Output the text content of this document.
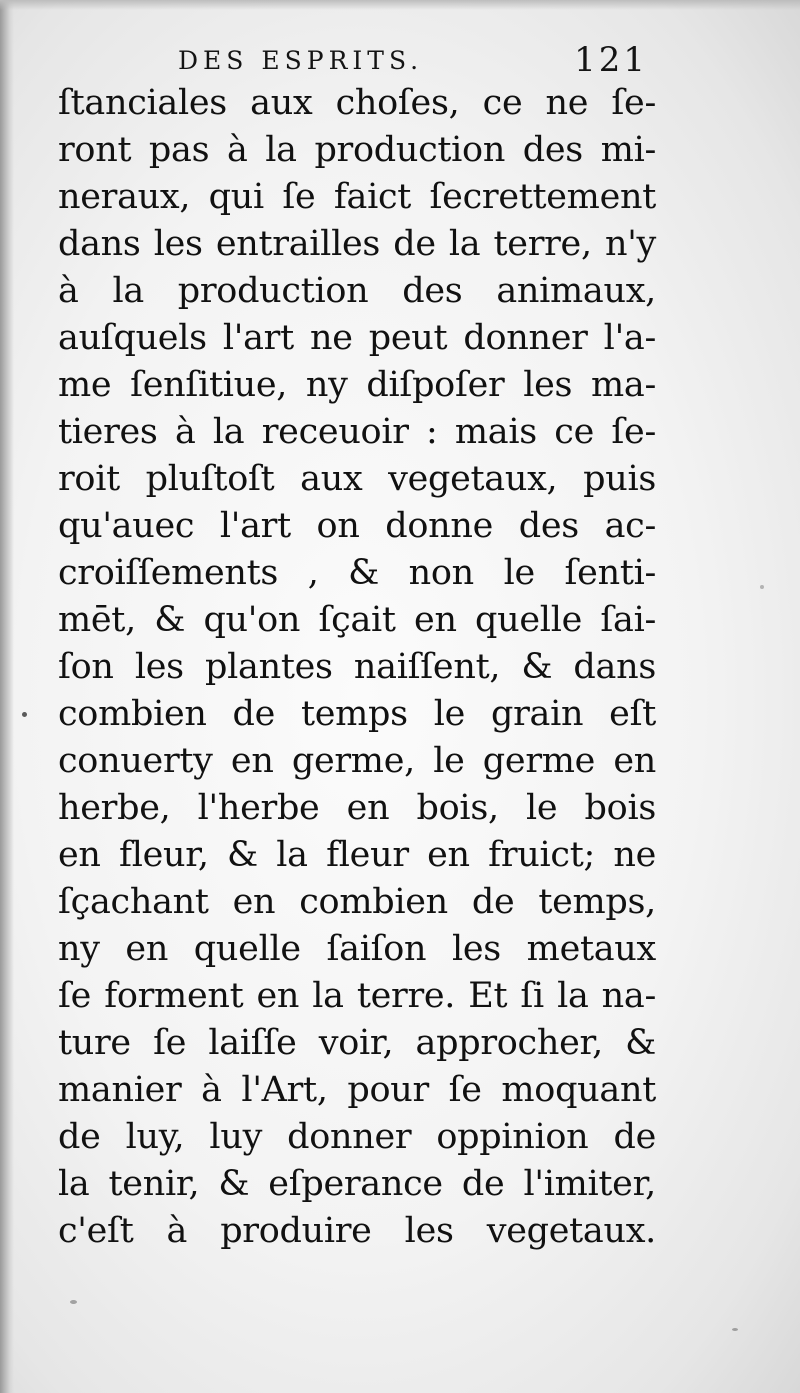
DES ESPRITS.	121
ſtanciales aux choſes, ce ne ſe-
ront pas à la production des mi-
neraux, qui ſe faict ſecrettement
dans les entrailles de la terre, n'y
à la production des animaux,
auſquels l'art ne peut donner l'a-
me ſenſitiue, ny diſpoſer les ma-
tieres à la receuoir : mais ce ſe-
roit pluſtoſt aux vegetaux, puis
qu'auec l'art on donne des ac-
croiſſements , & non le ſenti-
mēt, & qu'on ſçait en quelle ſai-
ſon les plantes naiſſent, & dans
combien de temps le grain eſt
conuerty en germe, le germe en
herbe, l'herbe en bois, le bois
en fleur, & la fleur en fruict; ne
ſçachant en combien de temps,
ny en quelle ſaiſon les metaux
ſe forment en la terre. Et ſi la na-
ture ſe laiſſe voir, approcher, &
manier à l'Art, pour ſe moquant
de luy, luy donner oppinion de
la tenir, & eſperance de l'imiter,
c'eſt à produire les vegetaux.
